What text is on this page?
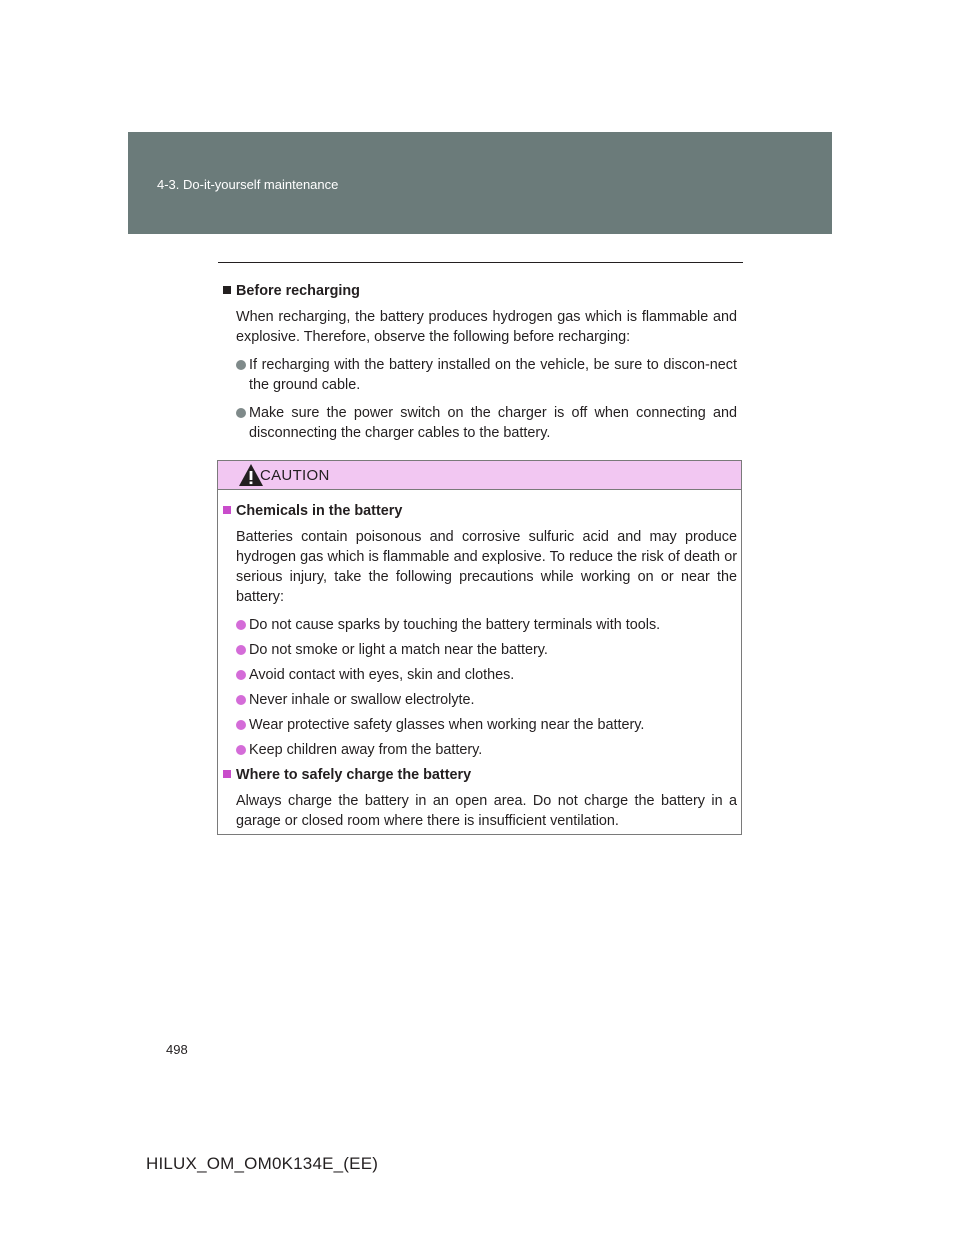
4-3. Do-it-yourself maintenance
Before recharging
When recharging, the battery produces hydrogen gas which is flammable and explosive. Therefore, observe the following before recharging:
If recharging with the battery installed on the vehicle, be sure to discon-nect the ground cable.
Make sure the power switch on the charger is off when connecting and disconnecting the charger cables to the battery.
CAUTION
Chemicals in the battery
Batteries contain poisonous and corrosive sulfuric acid and may produce hydrogen gas which is flammable and explosive. To reduce the risk of death or serious injury, take the following precautions while working on or near the battery:
Do not cause sparks by touching the battery terminals with tools.
Do not smoke or light a match near the battery.
Avoid contact with eyes, skin and clothes.
Never inhale or swallow electrolyte.
Wear protective safety glasses when working near the battery.
Keep children away from the battery.
Where to safely charge the battery
Always charge the battery in an open area. Do not charge the battery in a garage or closed room where there is insufficient ventilation.
498
HILUX_OM_OM0K134E_(EE)
